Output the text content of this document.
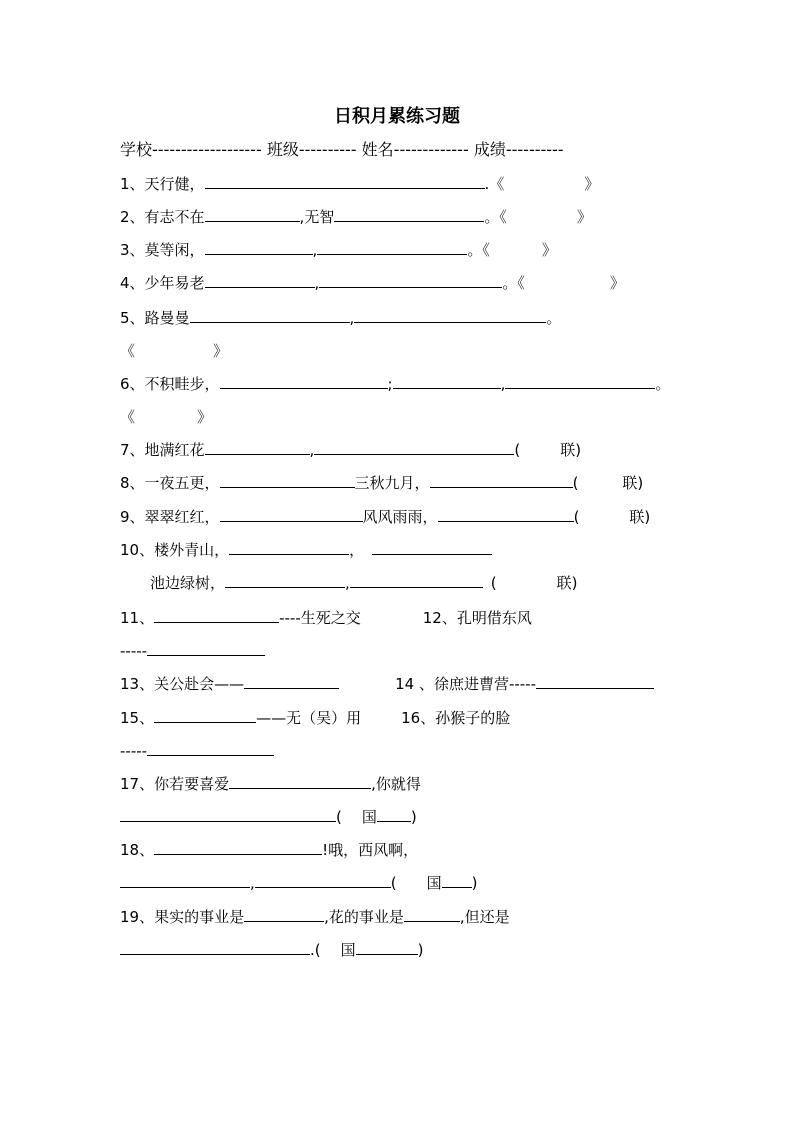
日积月累练习题
学校------------------- 班级---------- 姓名------------- 成绩----------
1、天行健，	.《	》
2、有志不在	,无智	。《	》
3、莫等闲，	,	。《	》
4、少年易老	,	。《	》
5、路曼曼	,	。
《	》
6、不积畦步，	;	,	。
《	》
7、地满红花	,	(	联)
8、一夜五更，	三秋九月，	(	联)
9、翠翠红红，	风风雨雨，	(	联)
10、楼外青山，	，
池边绿树，	,	(	联)
11、	----生死之交	12、孔明借东风
-----
13、关公赴会——	14 、徐庶进曹营-----
15、	——无（吴）用	16、孙猴子的脸
-----
17、你若要喜爱	,你就得
( 国 )
18、	!哦，西风啊，
,	( 国 )
19、果实的事业是	,花的事业是	,但还是
.( 国	)
